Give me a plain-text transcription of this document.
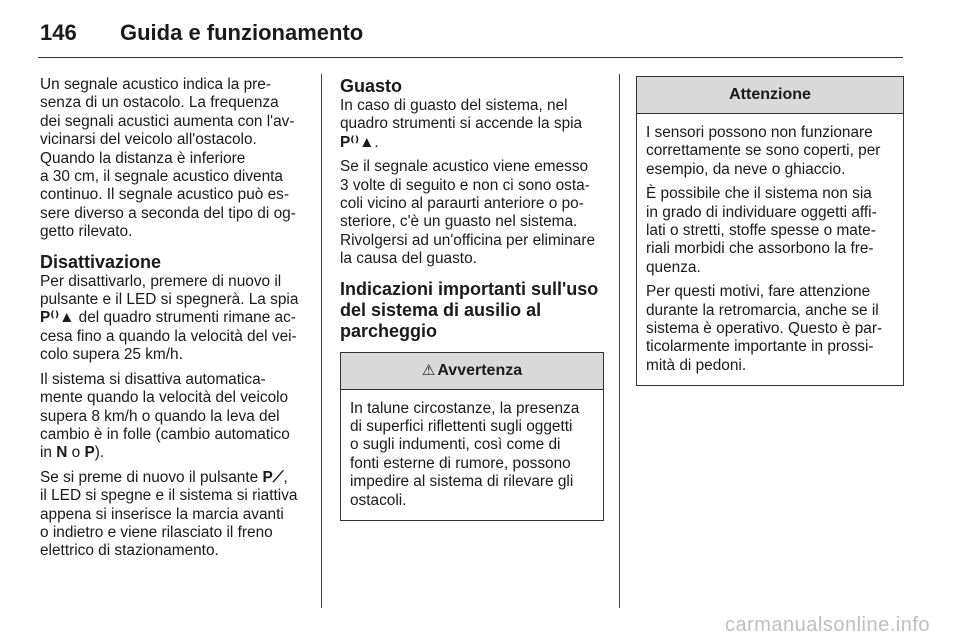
146 Guida e funzionamento

Un segnale acustico indica la pre-
senza di un ostacolo. La frequenza
dei segnali acustici aumenta con l'av-
vicinarsi del veicolo all'ostacolo.
Quando la distanza è inferiore
a 30 cm, il segnale acustico diventa
continuo. Il segnale acustico può es-
sere diverso a seconda del tipo di og-
getto rilevato.

Disattivazione

Per disattivarlo, premere di nuovo il
pulsante e il LED si spegnerà. La spia
P⁽⁾▲ del quadro strumenti rimane ac-
cesa fino a quando la velocità del vei-
colo supera 25 km/h.

Il sistema si disattiva automatica-
mente quando la velocità del veicolo
supera 8 km/h o quando la leva del
cambio è in folle (cambio automatico
in N o P).

Se si preme di nuovo il pulsante P⟋,
il LED si spegne e il sistema si riattiva
appena si inserisce la marcia avanti
o indietro e viene rilasciato il freno
elettrico di stazionamento.

Guasto

In caso di guasto del sistema, nel
quadro strumenti si accende la spia
P⁽⁾▲.

Se il segnale acustico viene emesso
3 volte di seguito e non ci sono osta-
coli vicino al paraurti anteriore o po-
steriore, c'è un guasto nel sistema.
Rivolgersi ad un'officina per eliminare
la causa del guasto.

Indicazioni importanti sull'uso
del sistema di ausilio al
parcheggio
⚠ Avvertenza

In talune circostanze, la presenza
di superfici riflettenti sugli oggetti
o sugli indumenti, così come di
fonti esterne di rumore, possono
impedire al sistema di rilevare gli
ostacoli.

Attenzione

I sensori possono non funzionare
correttamente se sono coperti, per
esempio, da neve o ghiaccio.

È possibile che il sistema non sia
in grado di individuare oggetti affi-
lati o stretti, stoffe spesse o mate-
riali morbidi che assorbono la fre-
quenza.

Per questi motivi, fare attenzione
durante la retromarcia, anche se il
sistema è operativo. Questo è par-
ticolarmente importante in prossi-
mità di pedoni.

carmanualsonline.info
